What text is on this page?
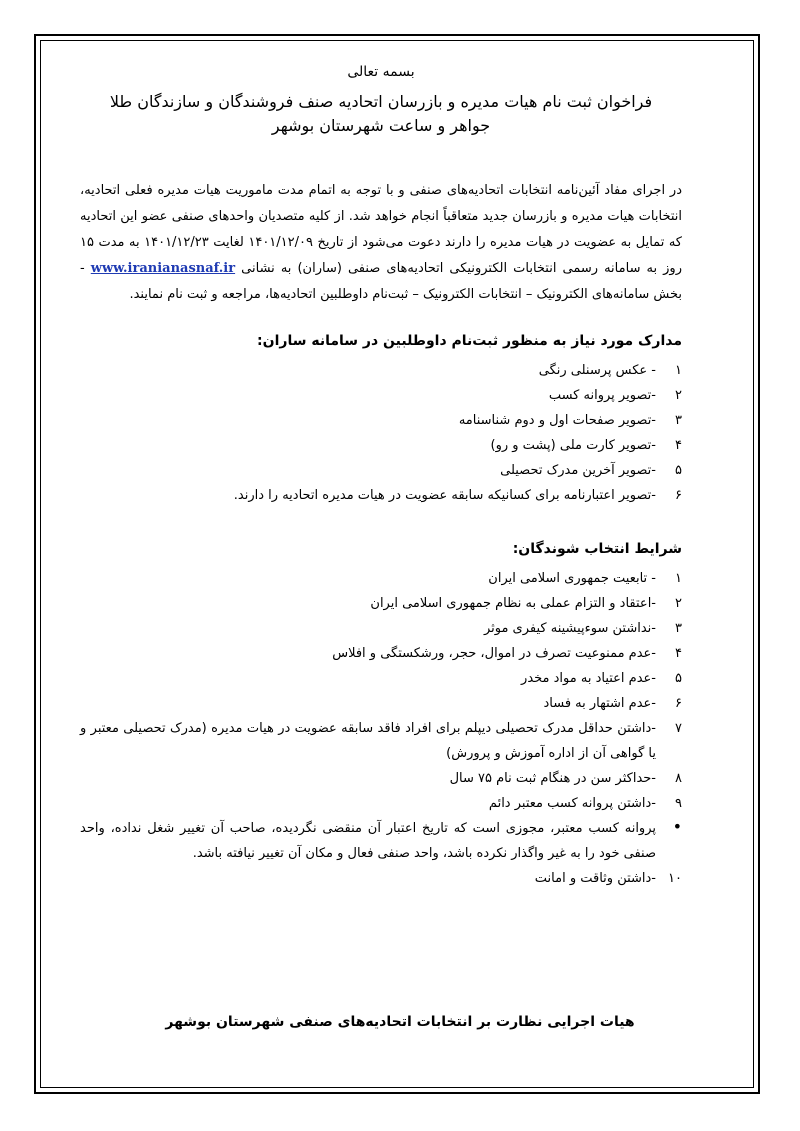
بسمه تعالی

فراخوان ثبت نام هیات مدیره و بازرسان اتحادیه صنف فروشندگان و سازندگان طلا

جواهر و ساعت شهرستان بوشهر

در اجرای مفاد آئین‌نامه انتخابات اتحادیه‌های صنفی و با توجه به اتمام مدت ماموریت هیات مدیره فعلی اتحادیه، انتخابات هیات مدیره و بازرسان جدید متعاقباً انجام خواهد شد. از کلیه متصدیان واحدهای صنفی عضو این اتحادیه که تمایل به عضویت در هیات مدیره را دارند دعوت می‌شود از تاریخ ۱۴۰۱/۱۲/۰۹ لغایت ۱۴۰۱/۱۲/۲۳ به مدت ۱۵ روز به سامانه رسمی انتخابات الکترونیکی اتحادیه‌های صنفی (ساران) به نشانی www.iranianasnaf.ir - بخش سامانه‌های الکترونیک – انتخابات الکترونیک – ثبت‌نام داوطلبین اتحادیه‌ها، مراجعه و ثبت نام نمایند.

مدارک مورد نیاز به منظور ثبت‌نام داوطلبین در سامانه ساران:
۱
- عکس پرسنلی رنگی
۲
-تصویر پروانه کسب
۳
-تصویر صفحات اول و دوم شناسنامه
۴
-تصویر کارت ملی (پشت و رو)
۵
-تصویر آخرین مدرک تحصیلی
۶
-تصویر اعتبارنامه برای کسانیکه سابقه عضویت در هیات مدیره اتحادیه را دارند.
شرایط انتخاب شوندگان:
۱
- تابعیت جمهوری اسلامی ایران
۲
-اعتقاد و التزام عملی به نظام جمهوری اسلامی ایران
۳
-نداشتن سوءپیشینه کیفری موثر
۴
-عدم ممنوعیت تصرف در اموال، حجر، ورشکستگی و افلاس
۵
-عدم اعتیاد به مواد مخدر
۶
-عدم اشتهار به فساد
۷
-داشتن حداقل مدرک تحصیلی دیپلم برای افراد فاقد سابقه عضویت در هیات مدیره (مدرک تحصیلی معتبر و یا گواهی آن از اداره آموزش و پرورش)
۸
-حداکثر سن در هنگام ثبت نام ۷۵ سال
۹
-داشتن پروانه کسب معتبر دائم
•
پروانه کسب معتبر، مجوزی است که تاریخ اعتبار آن منقضی نگردیده، صاحب آن تغییر شغل نداده، واحد صنفی خود را به غیر واگذار نکرده باشد، واحد صنفی فعال و مکان آن تغییر نیافته باشد.
۱۰
-داشتن وثاقت و امانت
هیات اجرایی نظارت بر انتخابات اتحادیه‌های صنفی شهرستان بوشهر
